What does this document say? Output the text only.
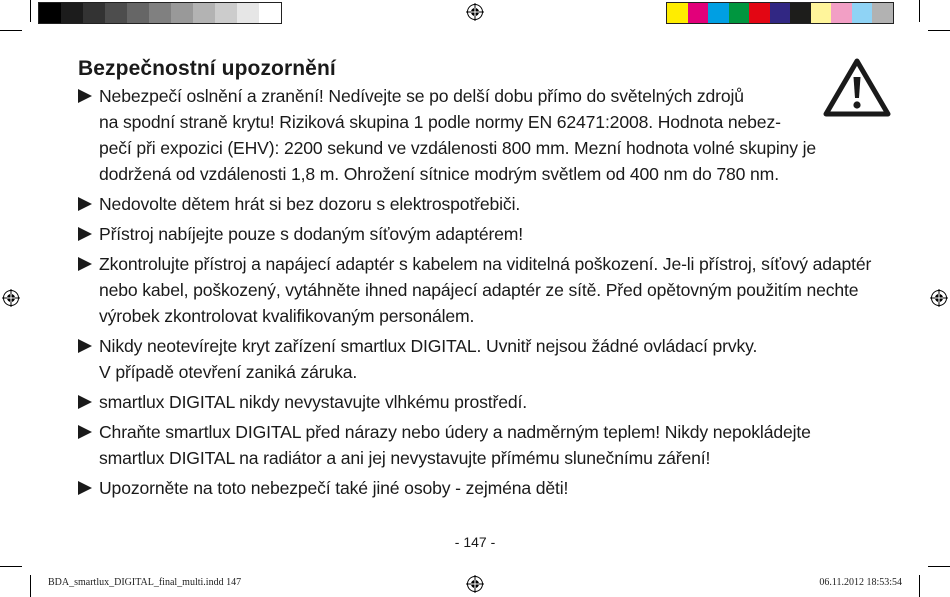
Bezpečnostní upozornění
Nebezpečí oslnění a zranění! Nedívejte se po delší dobu přímo do světelných zdrojů
na spodní straně krytu! Riziková skupina 1 podle normy EN 62471:2008. Hodnota nebez-
pečí při expozici (EHV): 2200 sekund ve vzdálenosti 800 mm. Mezní hodnota volné skupiny je
dodržená od vzdálenosti 1,8 m. Ohrožení sítnice modrým světlem od 400 nm do 780 nm.
Nedovolte dětem hrát si bez dozoru s elektrospotřebiči.
Přístroj nabíjejte pouze s dodaným síťovým adaptérem!
Zkontrolujte přístroj a napájecí adaptér s kabelem na viditelná poškození. Je-li přístroj, síťový adaptér
nebo kabel, poškozený, vytáhněte ihned napájecí adaptér ze sítě. Před opětovným použitím nechte
výrobek zkontrolovat kvalifikovaným personálem.
Nikdy neotevírejte kryt zařízení smartlux DIGITAL. Uvnitř nejsou žádné ovládací prvky.
V případě otevření zaniká záruka.
smartlux DIGITAL nikdy nevystavujte vlhkému prostředí.
Chraňte smartlux DIGITAL před nárazy nebo údery a nadměrným teplem! Nikdy nepokládejte
smartlux DIGITAL na radiátor a ani jej nevystavujte přímému slunečnímu záření!
Upozorněte na toto nebezpečí také jiné osoby - zejména děti!
- 147 -
BDA_smartlux_DIGITAL_final_multi.indd 147	06.11.2012 18:53:54
